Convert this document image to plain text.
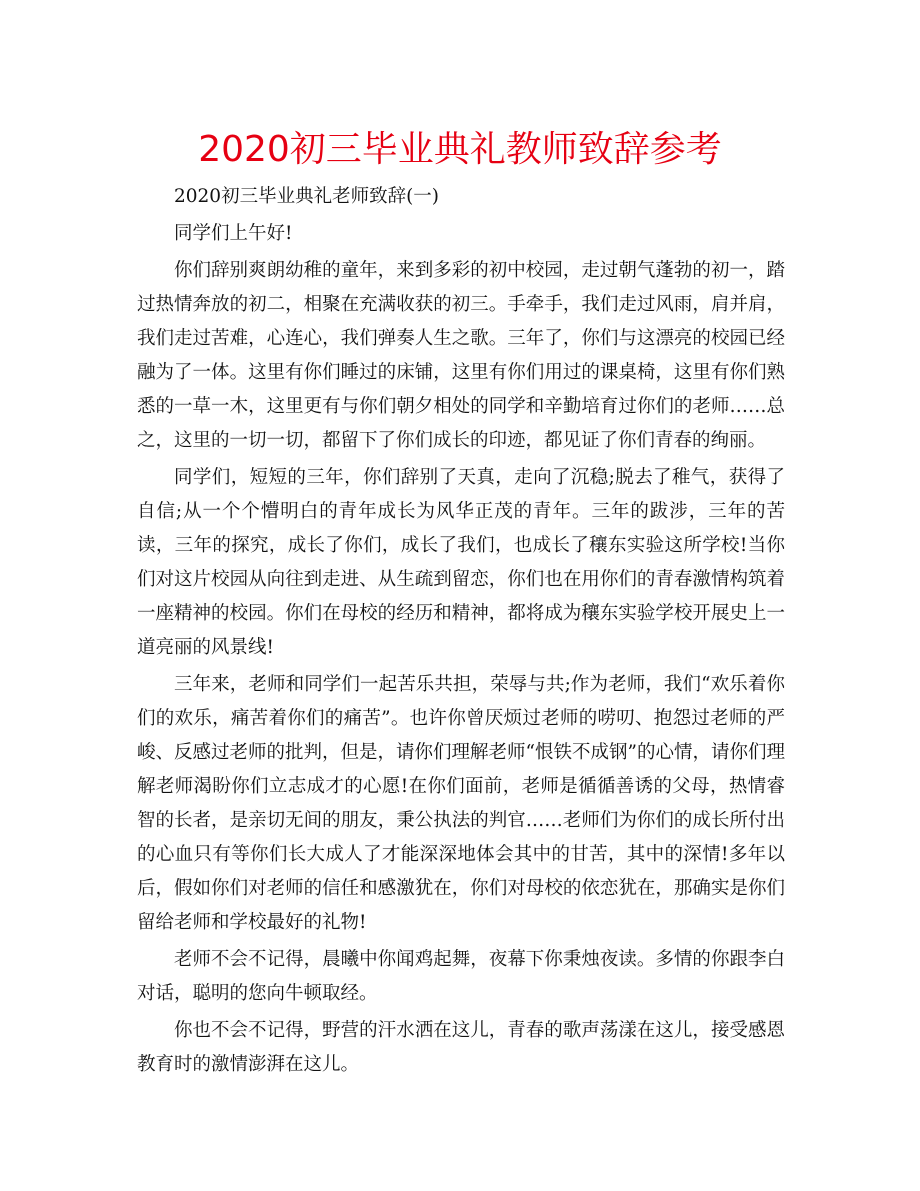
2020初三毕业典礼教师致辞参考

2020初三毕业典礼老师致辞(一)

同学们上午好!

你们辞别爽朗幼稚的童年，来到多彩的初中校园，走过朝气蓬勃的初一，踏过热情奔放的初二，相聚在充满收获的初三。手牵手，我们走过风雨，肩并肩，我们走过苦难，心连心，我们弹奏人生之歌。三年了，你们与这漂亮的校园已经融为了一体。这里有你们睡过的床铺，这里有你们用过的课桌椅，这里有你们熟悉的一草一木，这里更有与你们朝夕相处的同学和辛勤培育过你们的老师……总之，这里的一切一切，都留下了你们成长的印迹，都见证了你们青春的绚丽。

同学们，短短的三年，你们辞别了天真，走向了沉稳;脱去了稚气，获得了自信;从一个个懵明白的青年成长为风华正茂的青年。三年的跋涉，三年的苦读，三年的探究，成长了你们，成长了我们，也成长了穰东实验这所学校!当你们对这片校园从向往到走进、从生疏到留恋，你们也在用你们的青春激情构筑着一座精神的校园。你们在母校的经历和精神，都将成为穰东实验学校开展史上一道亮丽的风景线!

三年来，老师和同学们一起苦乐共担，荣辱与共;作为老师，我们“欢乐着你们的欢乐，痛苦着你们的痛苦”。也许你曾厌烦过老师的唠叨、抱怨过老师的严峻、反感过老师的批判，但是，请你们理解老师“恨铁不成钢”的心情，请你们理解老师渴盼你们立志成才的心愿!在你们面前，老师是循循善诱的父母，热情睿智的长者，是亲切无间的朋友，秉公执法的判官……老师们为你们的成长所付出的心血只有等你们长大成人了才能深深地体会其中的甘苦，其中的深情!多年以后，假如你们对老师的信任和感激犹在，你们对母校的依恋犹在，那确实是你们留给老师和学校最好的礼物!

老师不会不记得，晨曦中你闻鸡起舞，夜幕下你秉烛夜读。多情的你跟李白对话，聪明的您向牛顿取经。

你也不会不记得，野营的汗水洒在这儿，青春的歌声荡漾在这儿，接受感恩教育时的激情澎湃在这儿。
